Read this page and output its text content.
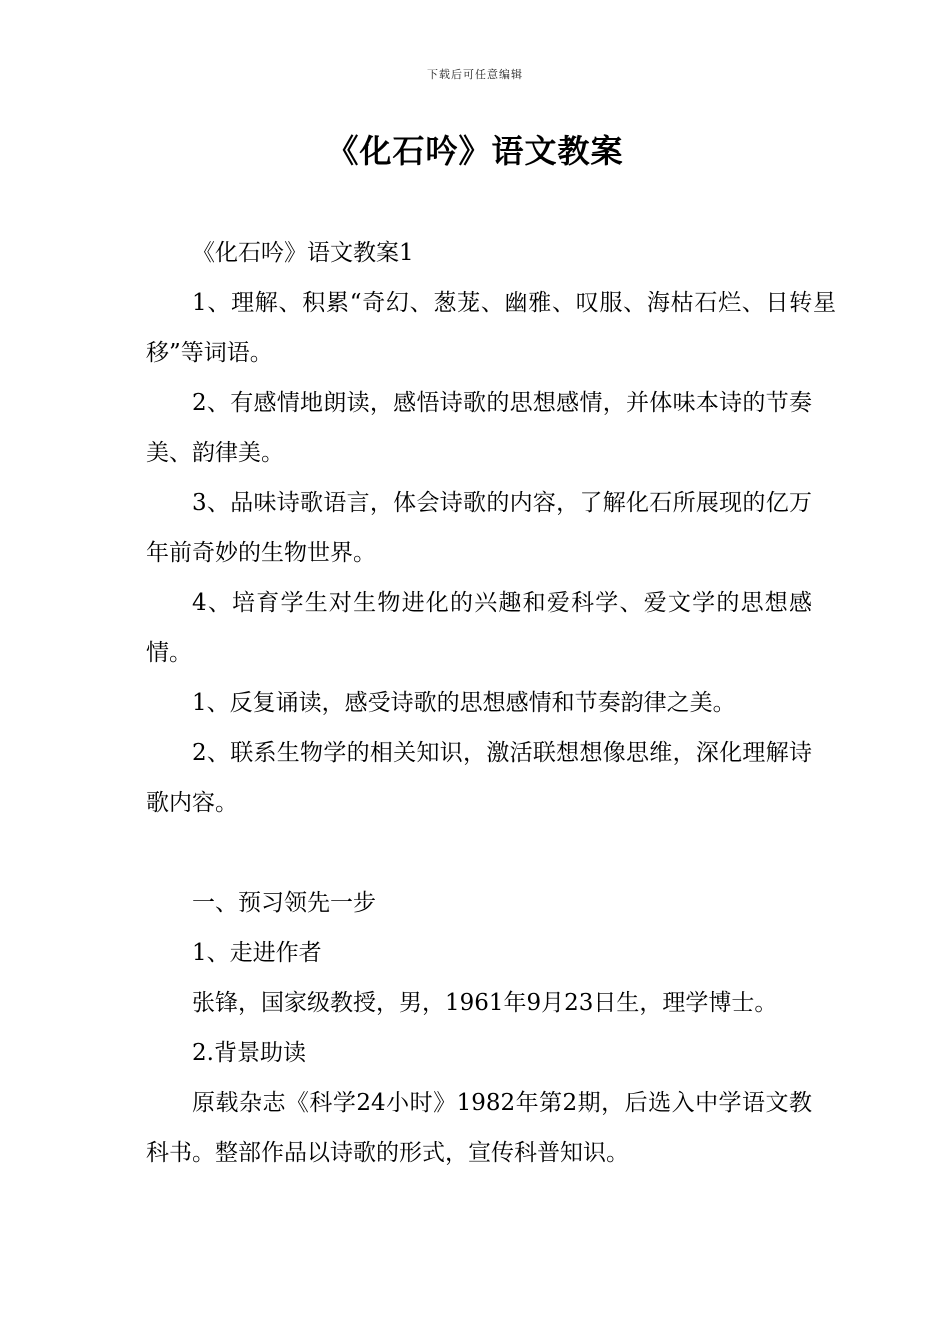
下载后可任意编辑
《化石吟》语文教案

《化石吟》语文教案1

1、理解、积累“奇幻、葱茏、幽雅、叹服、海枯石烂、日转星移”等词语。

2、有感情地朗读，感悟诗歌的思想感情，并体味本诗的节奏美、韵律美。

3、品味诗歌语言，体会诗歌的内容，了解化石所展现的亿万年前奇妙的生物世界。

4、培育学生对生物进化的兴趣和爱科学、爱文学的思想感情。

1、反复诵读，感受诗歌的思想感情和节奏韵律之美。

2、联系生物学的相关知识，激活联想想像思维，深化理解诗歌内容。

一、预习领先一步

1、走进作者

张锋，国家级教授，男，1961年9月23日生，理学博士。

2.背景助读

原载杂志《科学24小时》1982年第2期，后选入中学语文教科书。整部作品以诗歌的形式，宣传科普知识。
